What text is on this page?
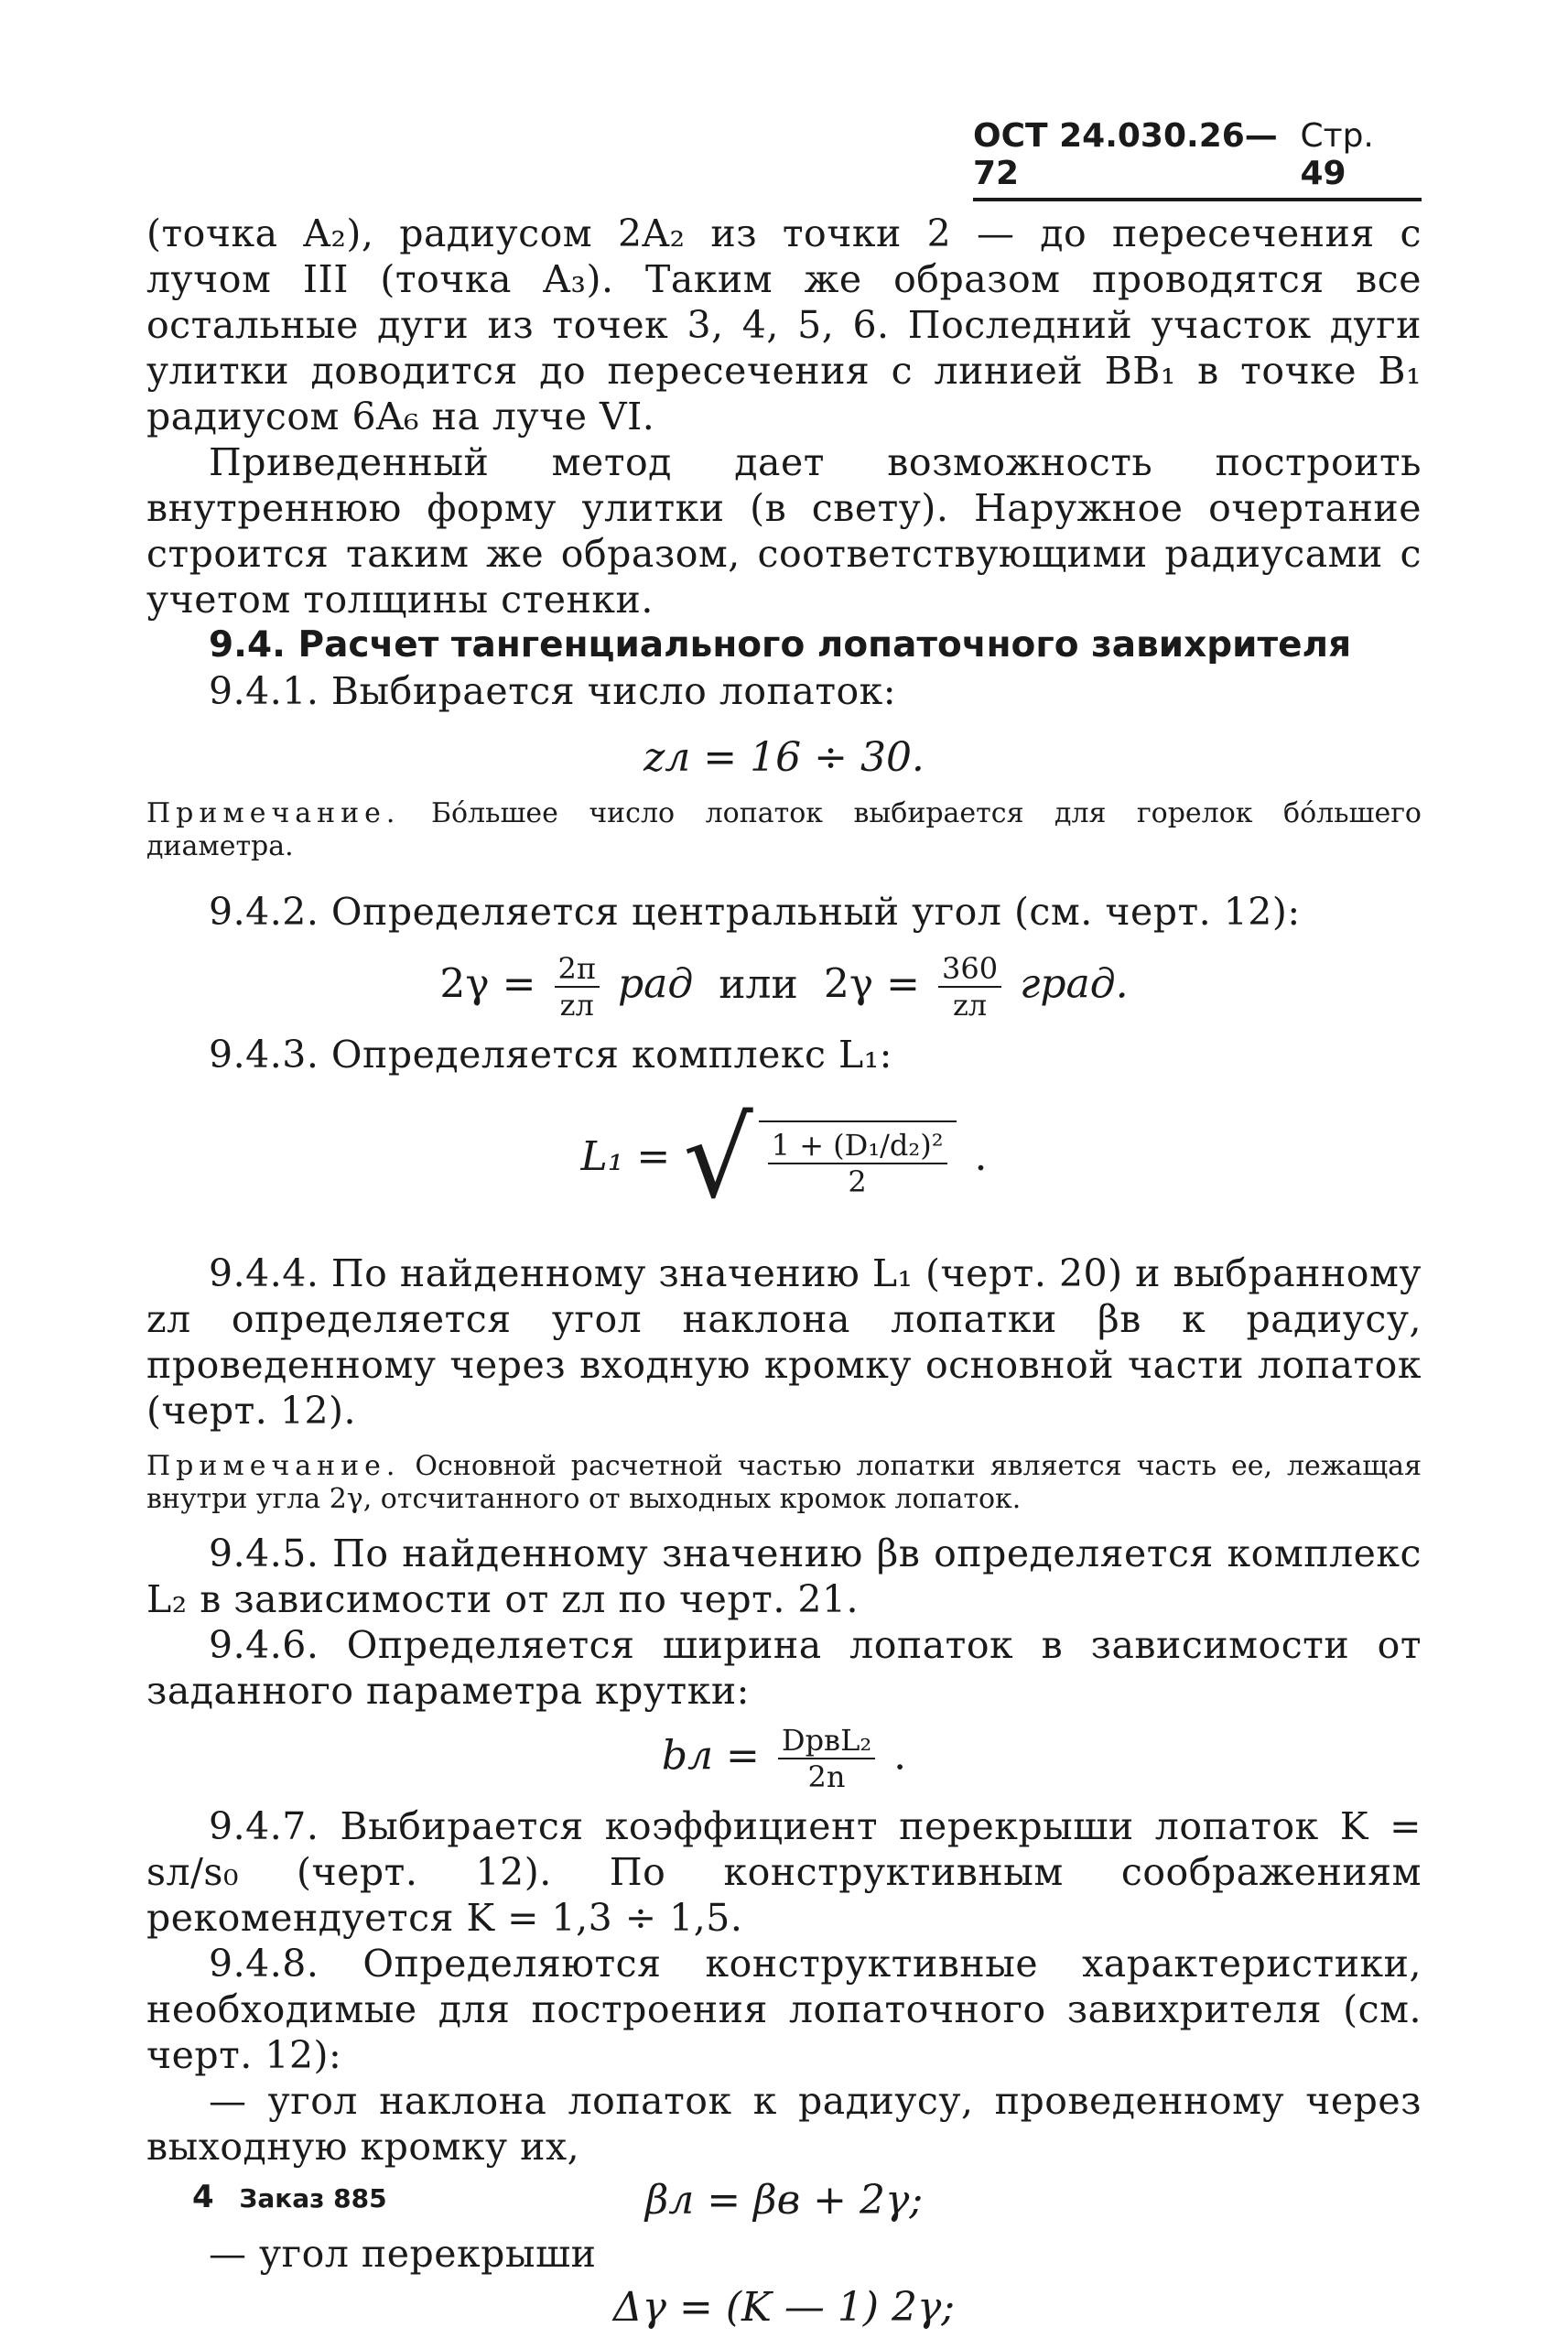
ОСТ 24.030.26—72
Стр. 49

(точка A₂), радиусом 2A₂ из точки 2 — до пересечения с лучом III (точка A₃). Таким же образом проводятся все остальные дуги из точек 3, 4, 5, 6. Последний участок дуги улитки доводится до пересечения с линией BB₁ в точке B₁ радиусом 6A₆ на луче VI.

Приведенный метод дает возможность построить внутреннюю форму улитки (в свету). Наружное очертание строится таким же образом, соответствующими радиусами с учетом толщины стенки.

9.4. Расчет тангенциального лопаточного завихрителя

9.4.1. Выбирается число лопаток:

zл = 16 ÷ 30.

Примечание. Бóльшее число лопаток выбирается для горелок бóльшего диаметра.

9.4.2. Определяется центральный угол (см. черт. 12):

$2\gamma = \frac{2\pi}{zл}$ рад или $2\gamma = \frac{360}{zл}$ град.

9.4.3. Определяется комплекс L₁:

L₁ = √ $\frac{\text{1 + (D₁/d₂)²}}{2}$ .

9.4.4. По найденному значению L₁ (черт. 20) и выбранному zл определяется угол наклона лопатки βв к радиусу, проведенному через входную кромку основной части лопаток (черт. 12).

Примечание. Основной расчетной частью лопатки является часть ее, лежащая внутри угла 2γ, отсчитанного от выходных кромок лопаток.

9.4.5. По найденному значению βв определяется комплекс L₂ в зависимости от zл по черт. 21.

9.4.6. Определяется ширина лопаток в зависимости от заданного параметра крутки:

bл = $\frac{\text{DрвL₂}}{2n}$ .

9.4.7. Выбирается коэффициент перекрыши лопаток K = sл/s₀ (черт. 12). По конструктивным соображениям рекомендуется K = 1,3 ÷ 1,5.

9.4.8. Определяются конструктивные характеристики, необходимые для построения лопаточного завихрителя (см. черт. 12):

— угол наклона лопаток к радиусу, проведенному через выходную кромку их,

βл = βв + 2γ;

— угол перекрыши

Δγ = (K — 1) 2γ;

4 Заказ 885
